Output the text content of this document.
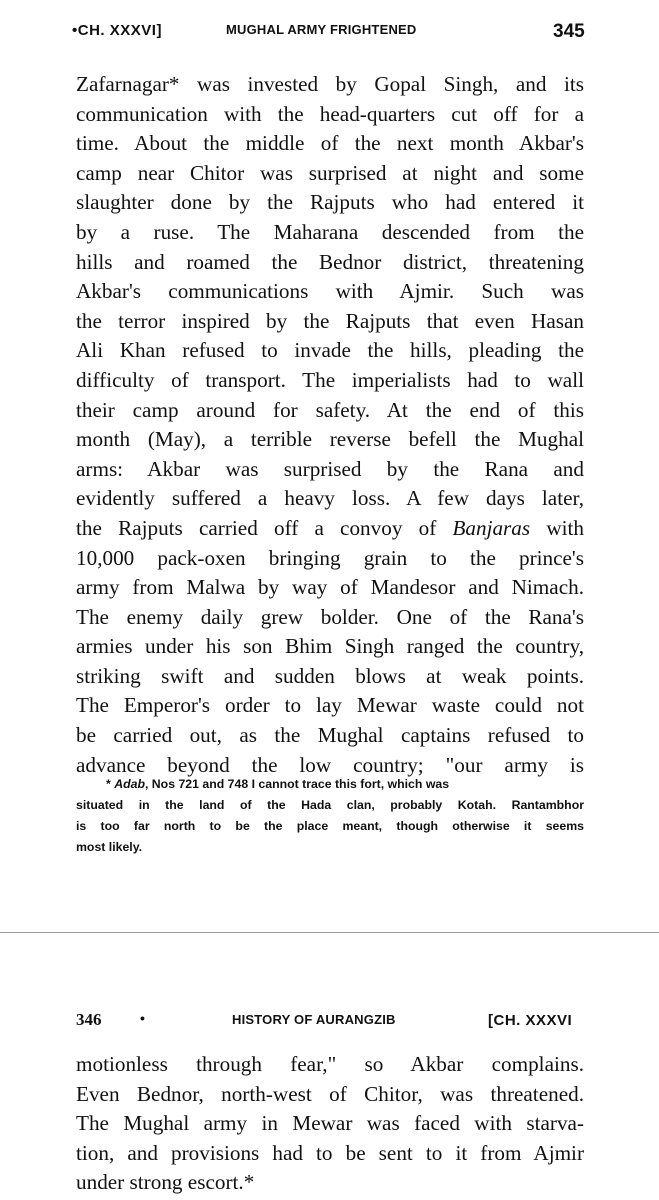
•CH. XXXVI]	MUGHAL ARMY FRIGHTENED	345
Zafarnagar* was invested by Gopal Singh, and its
communication with the head-quarters cut off for a
time. About the middle of the next month Akbar's
camp near Chitor was surprised at night and some
slaughter done by the Rajputs who had entered it
by a ruse. The Maharana descended from the
hills and roamed the Bednor district, threatening
Akbar's communications with Ajmir. Such was
the terror inspired by the Rajputs that even Hasan
Ali Khan refused to invade the hills, pleading the
difficulty of transport. The imperialists had to wall
their camp around for safety. At the end of this
month (May), a terrible reverse befell the Mughal
arms: Akbar was surprised by the Rana and
evidently suffered a heavy loss. A few days later,
the Rajputs carried off a convoy of Banjaras with
10,000 pack-oxen bringing grain to the prince's
army from Malwa by way of Mandesor and Nimach.
The enemy daily grew bolder. One of the Rana's
armies under his son Bhim Singh ranged the country,
striking swift and sudden blows at weak points.
The Emperor's order to lay Mewar waste could not
be carried out, as the Mughal captains refused to
advance beyond the low country; "our army is
* Adab, Nos 721 and 748 I cannot trace this fort, which was
situated in the land of the Hada clan, probably Kotah. Rantambhor
is too far north to be the place meant, though otherwise it seems
most likely.
346	•	HISTORY OF AURANGZIB	[CH. XXXVI
motionless through fear," so Akbar complains.
Even Bednor, north-west of Chitor, was threatened.
The Mughal army in Mewar was faced with starva-
tion, and provisions had to be sent to it from Ajmir
under strong escort.*
